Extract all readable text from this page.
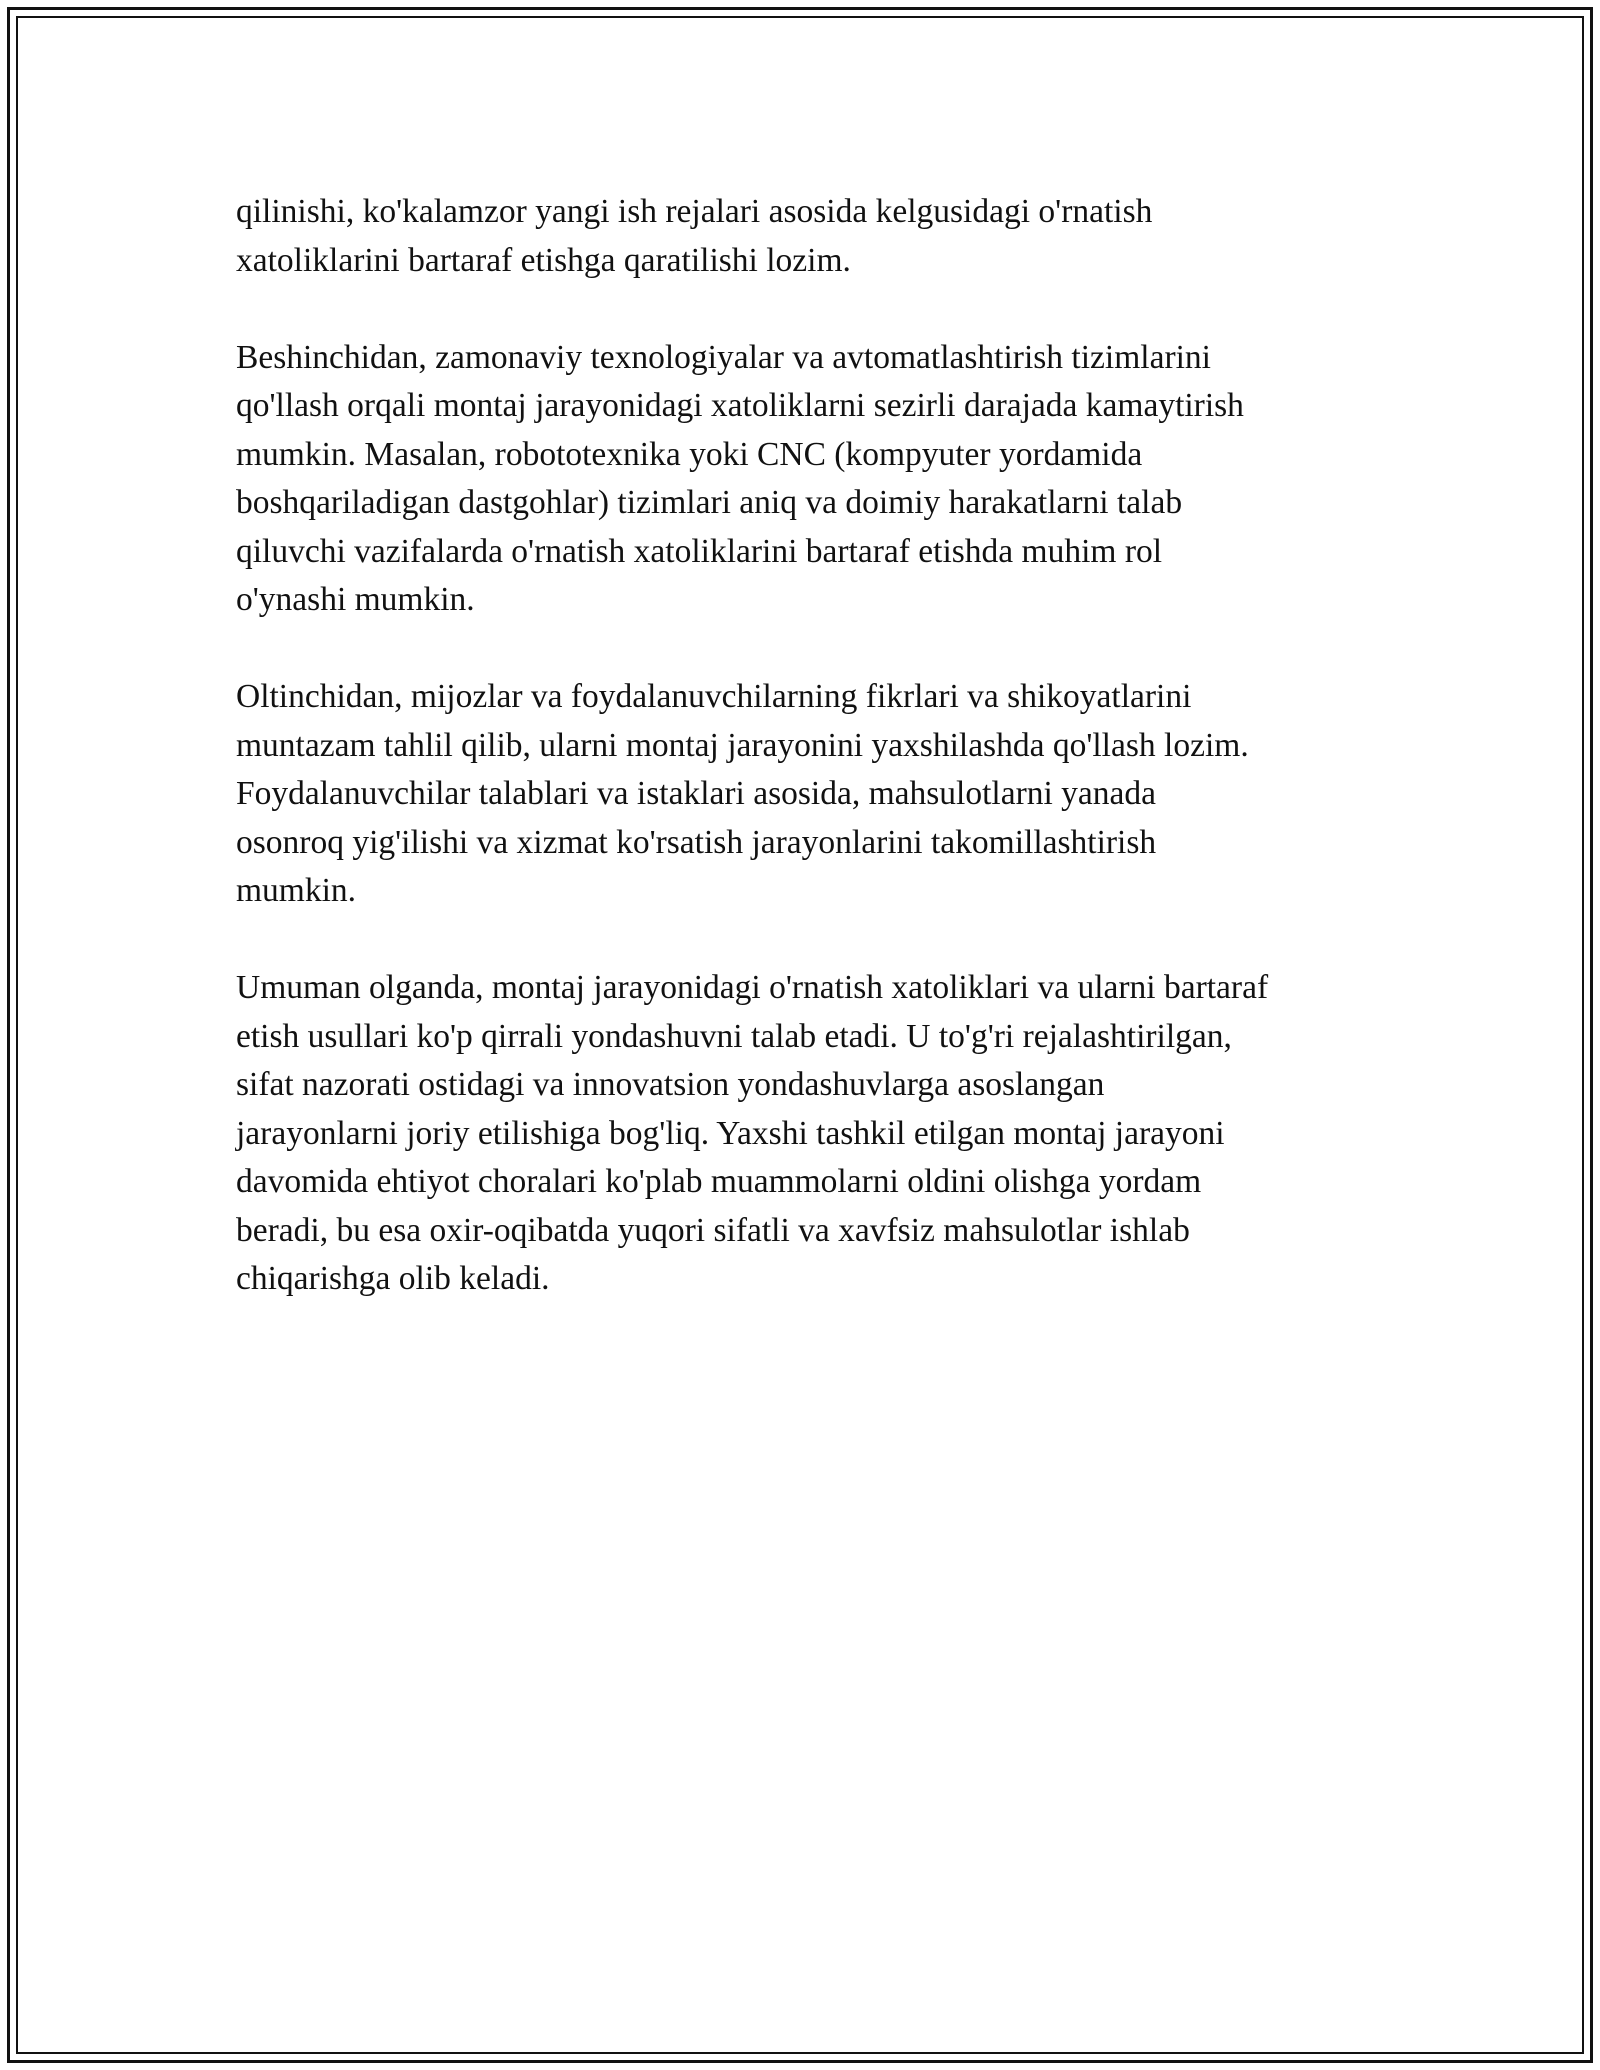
qilinishi, ko'kalamzor yangi ish rejalari asosida kelgusidagi o'rnatish
xatoliklarini bartaraf etishga qaratilishi lozim.

Beshinchidan, zamonaviy texnologiyalar va avtomatlashtirish tizimlarini
qo'llash orqali montaj jarayonidagi xatoliklarni sezirli darajada kamaytirish
mumkin. Masalan, robototexnika yoki CNC (kompyuter yordamida
boshqariladigan dastgohlar) tizimlari aniq va doimiy harakatlarni talab
qiluvchi vazifalarda o'rnatish xatoliklarini bartaraf etishda muhim rol
o'ynashi mumkin.

Oltinchidan, mijozlar va foydalanuvchilarning fikrlari va shikoyatlarini
muntazam tahlil qilib, ularni montaj jarayonini yaxshilashda qo'llash lozim.
Foydalanuvchilar talablari va istaklari asosida, mahsulotlarni yanada
osonroq yig'ilishi va xizmat ko'rsatish jarayonlarini takomillashtirish
mumkin.

Umuman olganda, montaj jarayonidagi o'rnatish xatoliklari va ularni bartaraf
etish usullari ko'p qirrali yondashuvni talab etadi. U to'g'ri rejalashtirilgan,
sifat nazorati ostidagi va innovatsion yondashuvlarga asoslangan
jarayonlarni joriy etilishiga bog'liq. Yaxshi tashkil etilgan montaj jarayoni
davomida ehtiyot choralari ko'plab muammolarni oldini olishga yordam
beradi, bu esa oxir-oqibatda yuqori sifatli va xavfsiz mahsulotlar ishlab
chiqarishga olib keladi.
